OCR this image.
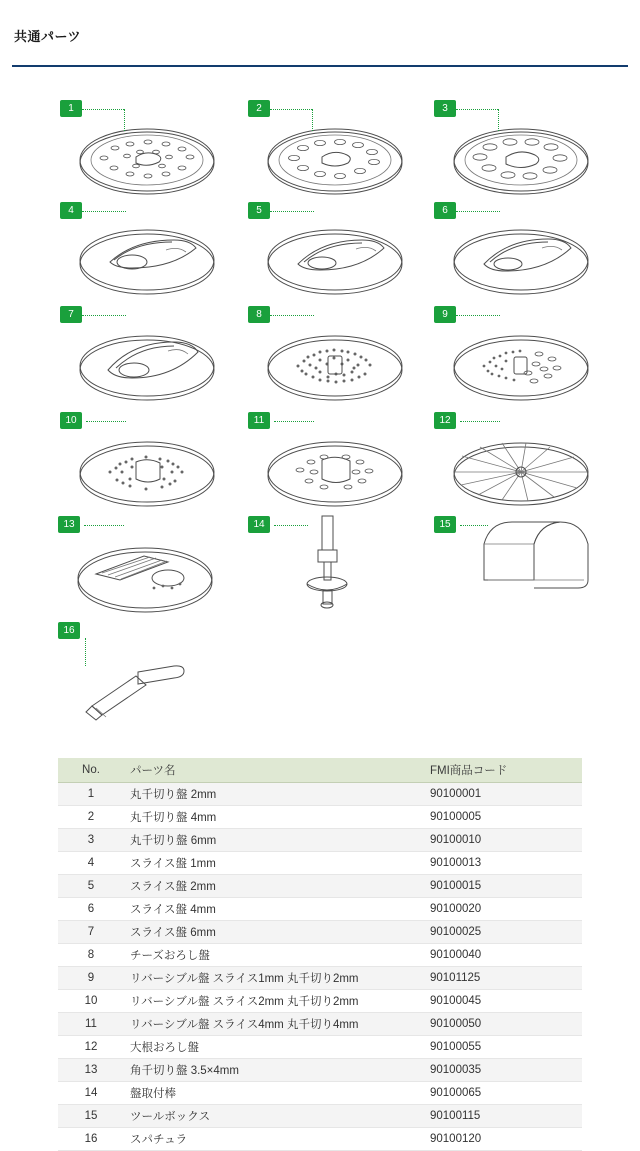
共通パーツ
1	2	3
4	5	6
7	8	9
10	11	12
13	14	15
16
No.	パーツ名	FMI商品コード
1	丸千切り盤 2mm	90100001
2	丸千切り盤 4mm	90100005
3	丸千切り盤 6mm	90100010
4	スライス盤 1mm	90100013
5	スライス盤 2mm	90100015
6	スライス盤 4mm	90100020
7	スライス盤 6mm	90100025
8	チーズおろし盤	90100040
9	リバーシブル盤 スライス1mm 丸千切り2mm	90101125
10	リバーシブル盤 スライス2mm 丸千切り2mm	90100045
11	リバーシブル盤 スライス4mm 丸千切り4mm	90100050
12	大根おろし盤	90100055
13	角千切り盤 3.5×4mm	90100035
14	盤取付棒	90100065
15	ツールボックス	90100115
16	スパチュラ	90100120
